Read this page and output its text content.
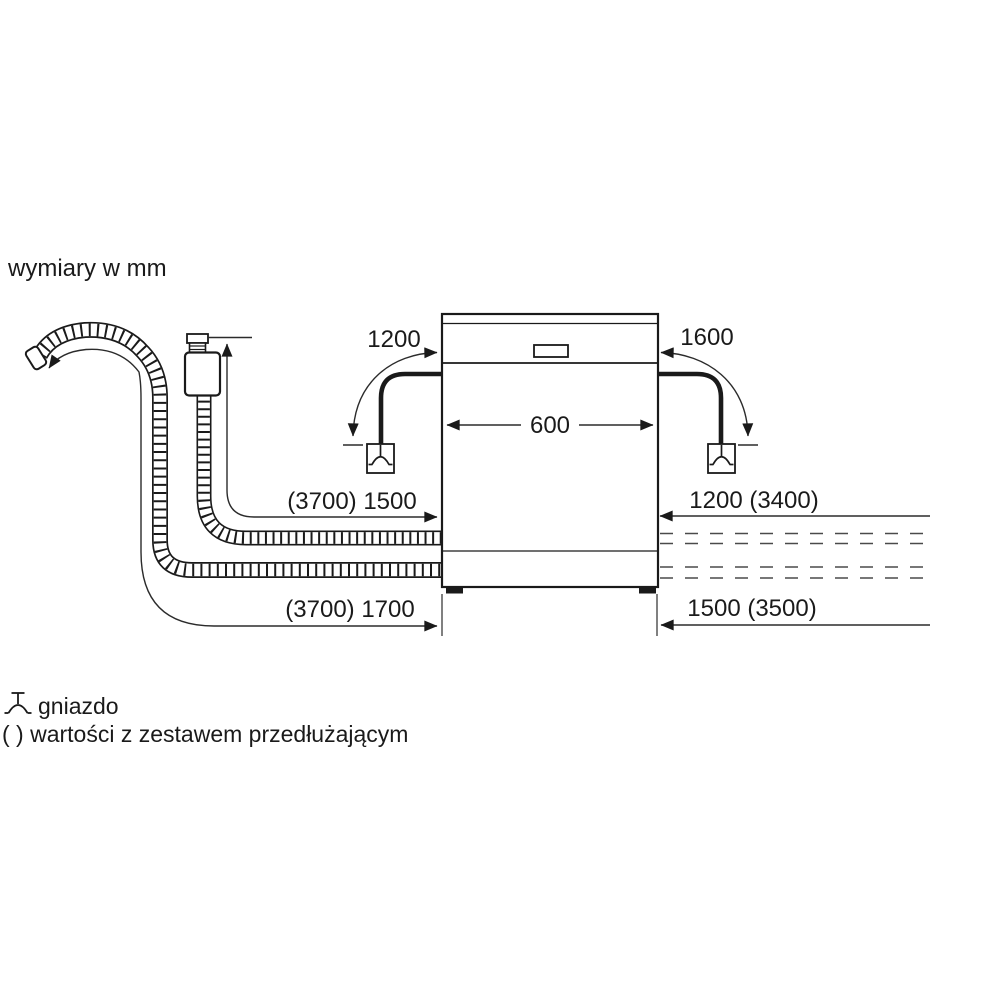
wymiary w mm
1200	1600
600
(3700) 1500
(3700) 1700
1200 (3400)
1500 (3500)
gniazdo
( ) wartości z zestawem przedłużającym
